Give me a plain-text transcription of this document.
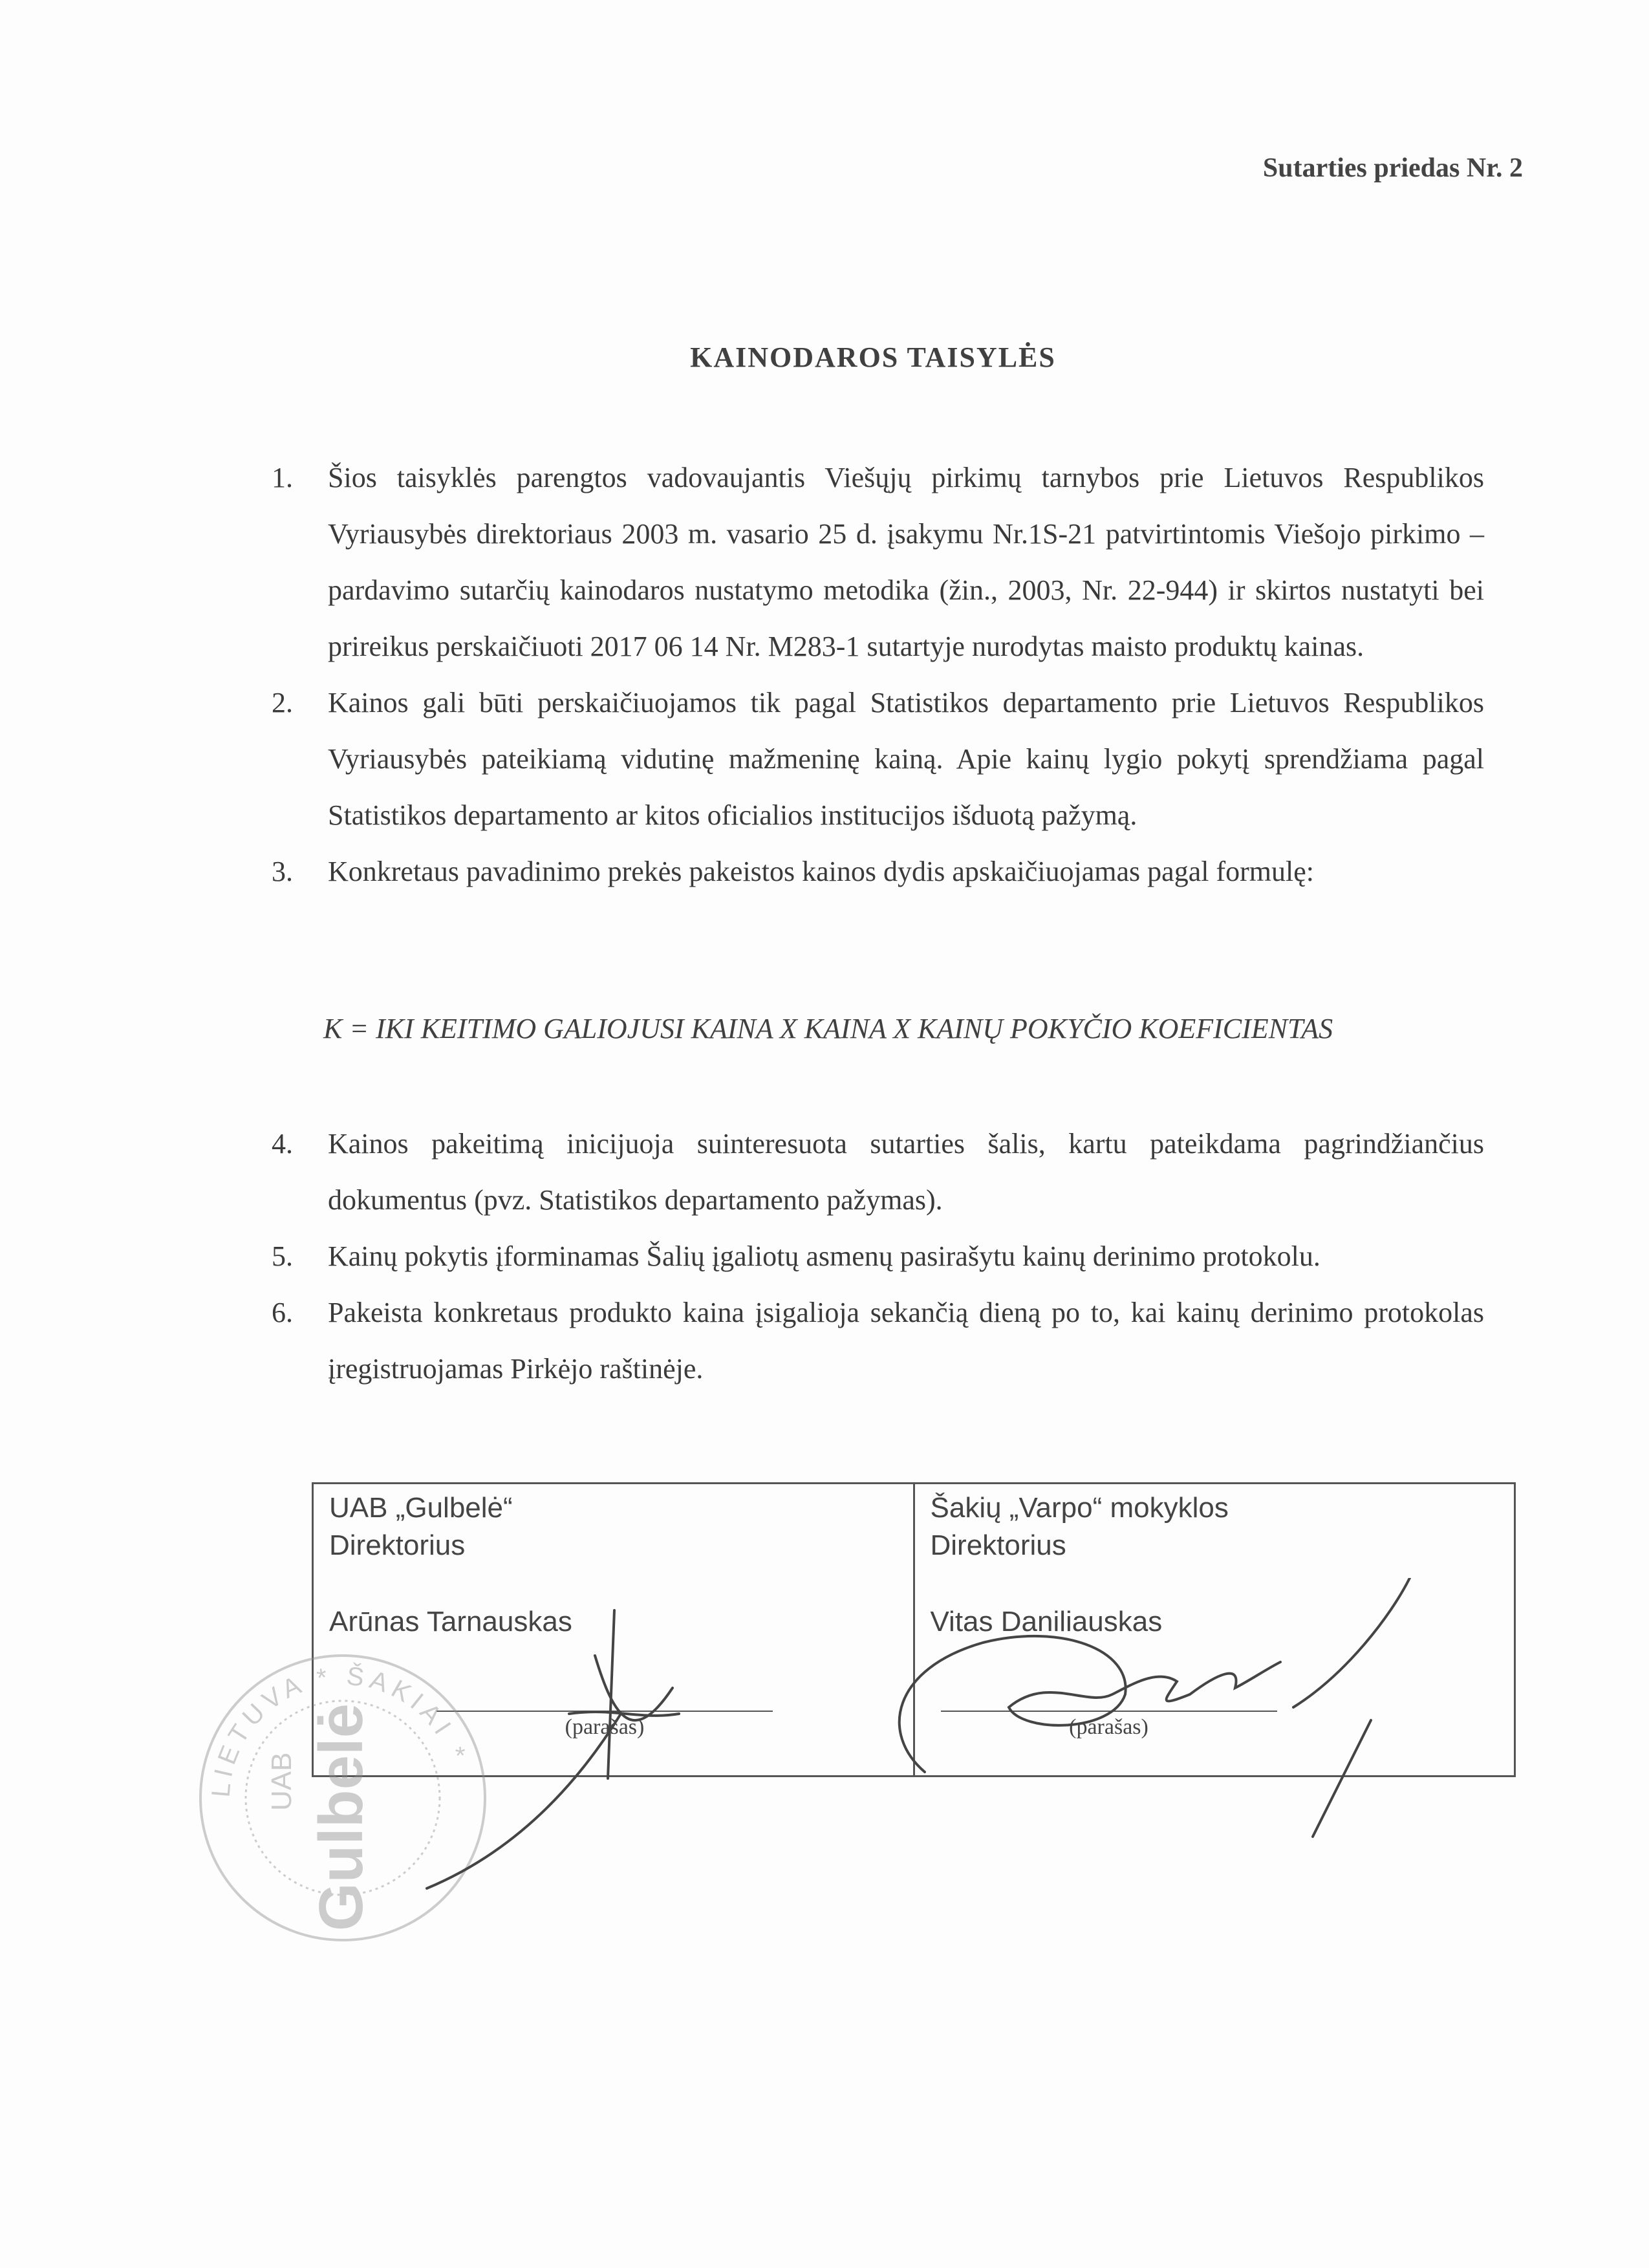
Sutarties priedas Nr. 2

KAINODAROS TAISYLĖS
1. Šios taisyklės parengtos vadovaujantis Viešųjų pirkimų tarnybos prie Lietuvos Respublikos Vyriausybės direktoriaus 2003 m. vasario 25 d. įsakymu Nr.1S-21 patvirtintomis Viešojo pirkimo – pardavimo sutarčių kainodaros nustatymo metodika (žin., 2003, Nr. 22-944) ir skirtos nustatyti bei prireikus perskaičiuoti 2017 06 14 Nr. M283-1 sutartyje nurodytas maisto produktų kainas.
2. Kainos gali būti perskaičiuojamos tik pagal Statistikos departamento prie Lietuvos Respublikos Vyriausybės pateikiamą vidutinę mažmeninę kainą. Apie kainų lygio pokytį sprendžiama pagal Statistikos departamento ar kitos oficialios institucijos išduotą pažymą.
3. Konkretaus pavadinimo prekės pakeistos kainos dydis apskaičiuojamas pagal formulę:

K = IKI KEITIMO GALIOJUSI KAINA X KAINA X KAINŲ POKYČIO KOEFICIENTAS

4. Kainos pakeitimą inicijuoja suinteresuota sutarties šalis, kartu pateikdama pagrindžiančius dokumentus (pvz. Statistikos departamento pažymas).
5. Kainų pokytis įforminamas Šalių įgaliotų asmenų pasirašytu kainų derinimo protokolu.
6. Pakeista konkretaus produkto kaina įsigalioja sekančią dieną po to, kai kainų derinimo protokolas įregistruojamas Pirkėjo raštinėje.
UAB „Gulbelė“
Direktorius
Arūnas Tarnauskas
(parašas)

Šakių „Varpo“ mokyklos
Direktorius
Vitas Daniliauskas
(parašas)
LIETUVA * ŠAKIAI *
UAB Gulbelė
